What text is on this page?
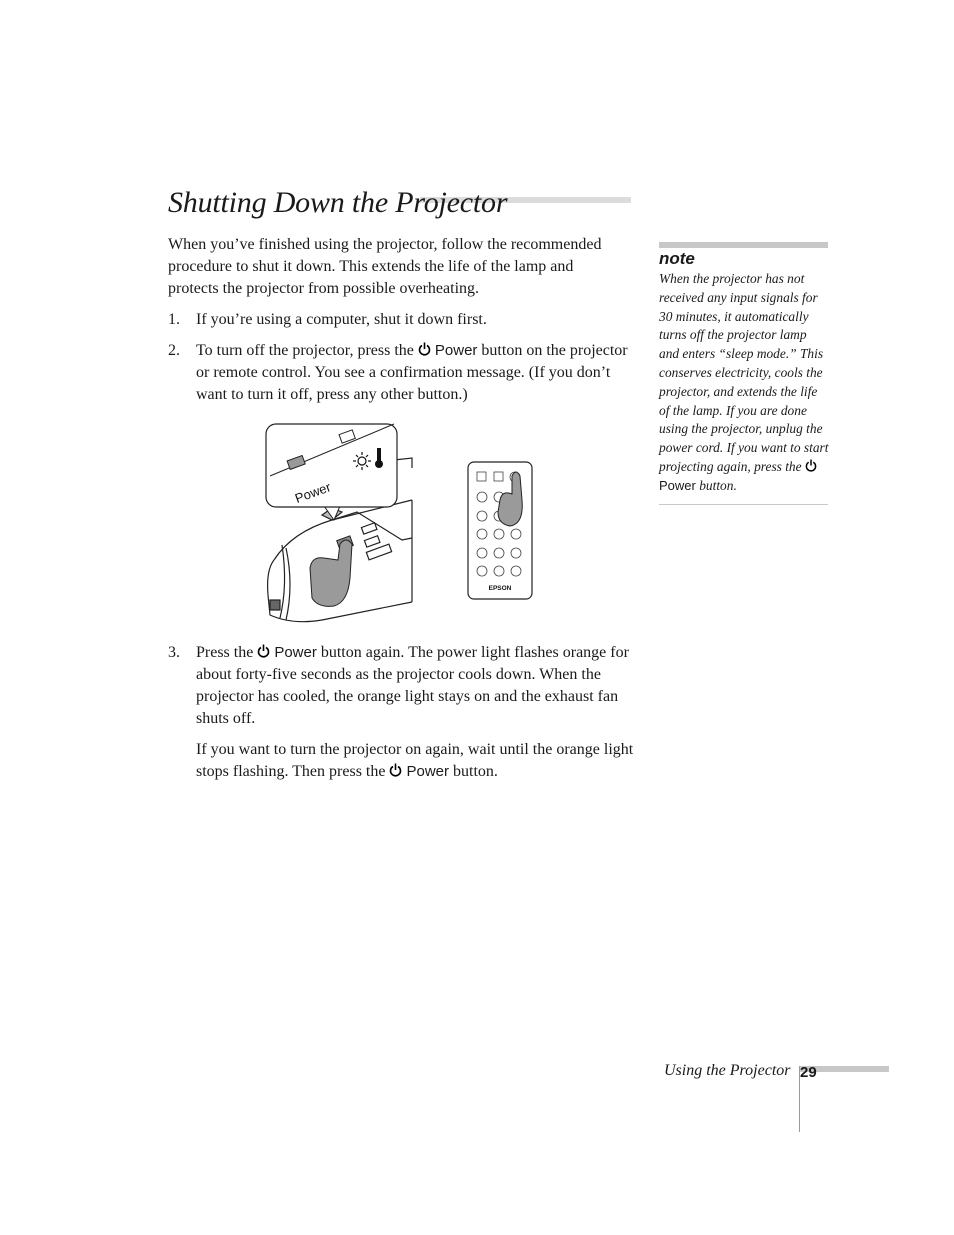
Shutting Down the Projector

When you’ve finished using the projector, follow the recommended procedure to shut it down. This extends the life of the lamp and protects the projector from possible overheating.

1. If you’re using a computer, shut it down first.
2. To turn off the projector, press the Power button on the projector or remote control. You see a confirmation message. (If you don’t want to turn it off, press any other button.)
Power
EPSON
3. Press the Power button again. The power light flashes orange for about forty-five seconds as the projector cools down. When the projector has cooled, the orange light stays on and the exhaust fan shuts off.
If you want to turn the projector on again, wait until the orange light stops flashing. Then press the Power button.
note
When the projector has not received any input signals for 30 minutes, it automatically turns off the projector lamp and enters “sleep mode.” This conserves electricity, cools the projector, and extends the life of the lamp. If you are done using the projector, unplug the power cord. If you want to start projecting again, press the Power button.
Using the Projector 29
